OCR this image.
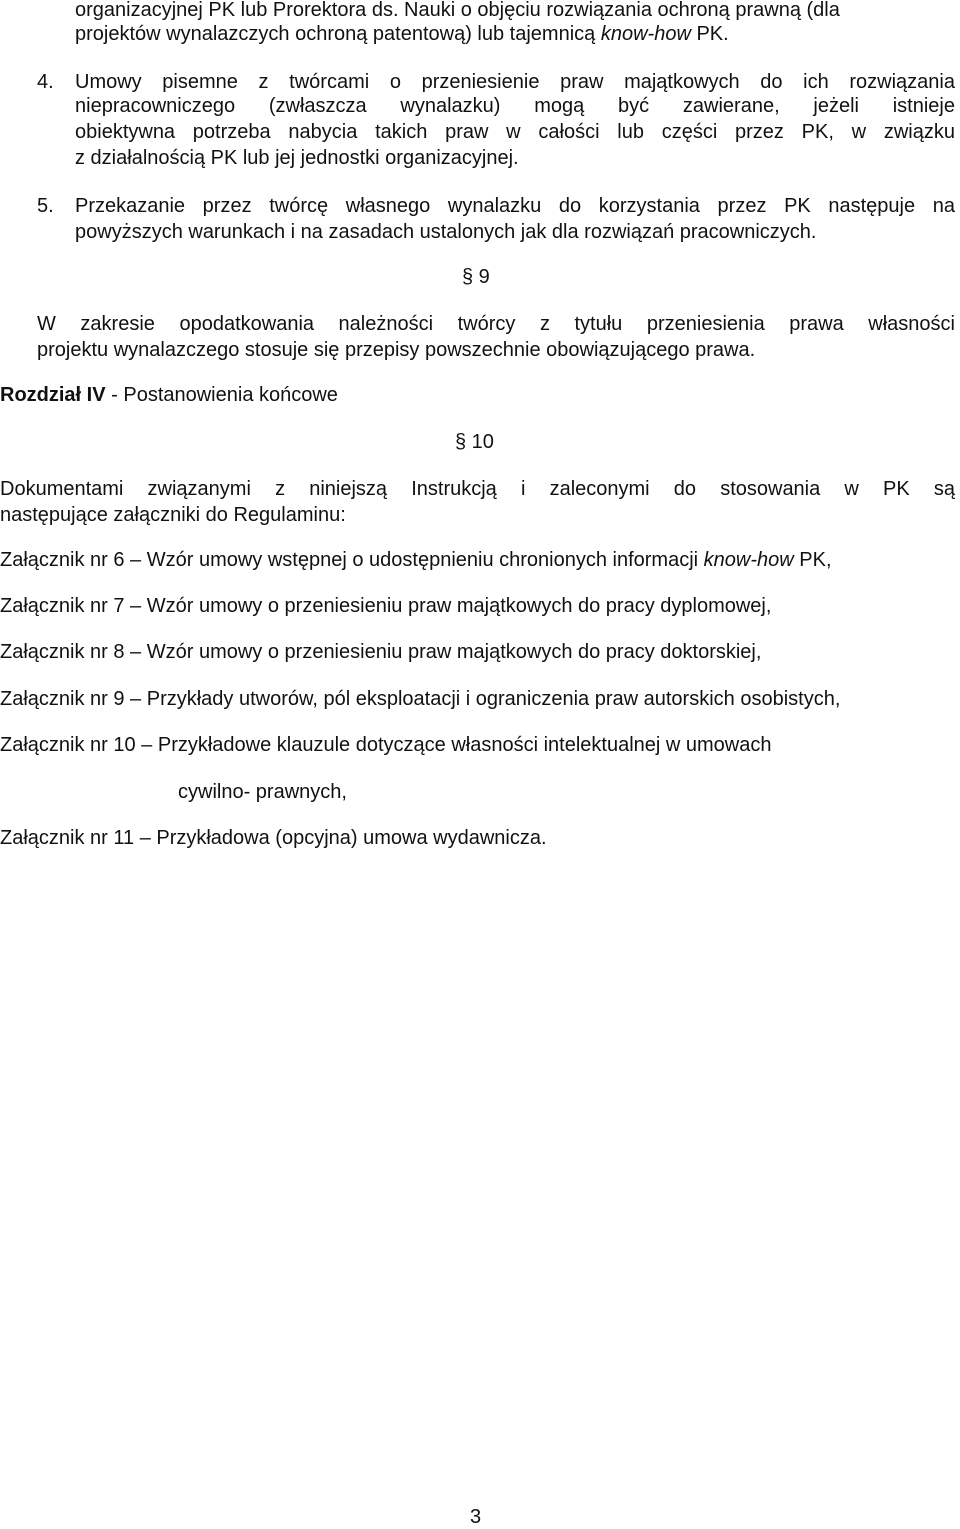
organizacyjnej PK lub Prorektora ds. Nauki o objęciu rozwiązania ochroną prawną (dla
projektów wynalazczych ochroną patentową) lub tajemnicą know-how PK.
4. Umowy pisemne z twórcami o przeniesienie praw majątkowych do ich rozwiązania
niepracowniczego (zwłaszcza wynalazku) mogą być zawierane, jeżeli istnieje
obiektywna potrzeba nabycia takich praw w całości lub części przez PK, w związku
z działalnością PK lub jej jednostki organizacyjnej.
5. Przekazanie przez twórcę własnego wynalazku do korzystania przez PK następuje na
powyższych warunkach i na zasadach ustalonych jak dla rozwiązań pracowniczych.
§ 9
W zakresie opodatkowania należności twórcy z tytułu przeniesienia prawa własności
projektu wynalazczego stosuje się przepisy powszechnie obowiązującego prawa.
Rozdział IV - Postanowienia końcowe
§ 10
Dokumentami związanymi z niniejszą Instrukcją i zaleconymi do stosowania w PK są
następujące załączniki do Regulaminu:
Załącznik nr 6 – Wzór umowy wstępnej o udostępnieniu chronionych informacji know-how PK,
Załącznik nr 7 – Wzór umowy o przeniesieniu praw majątkowych do pracy dyplomowej,
Załącznik nr 8 – Wzór umowy o przeniesieniu praw majątkowych do pracy doktorskiej,
Załącznik nr 9 – Przykłady utworów, pól eksploatacji i ograniczenia praw autorskich osobistych,
Załącznik nr 10 – Przykładowe klauzule dotyczące własności intelektualnej w umowach
cywilno- prawnych,
Załącznik nr 11 – Przykładowa (opcyjna) umowa wydawnicza.
3
